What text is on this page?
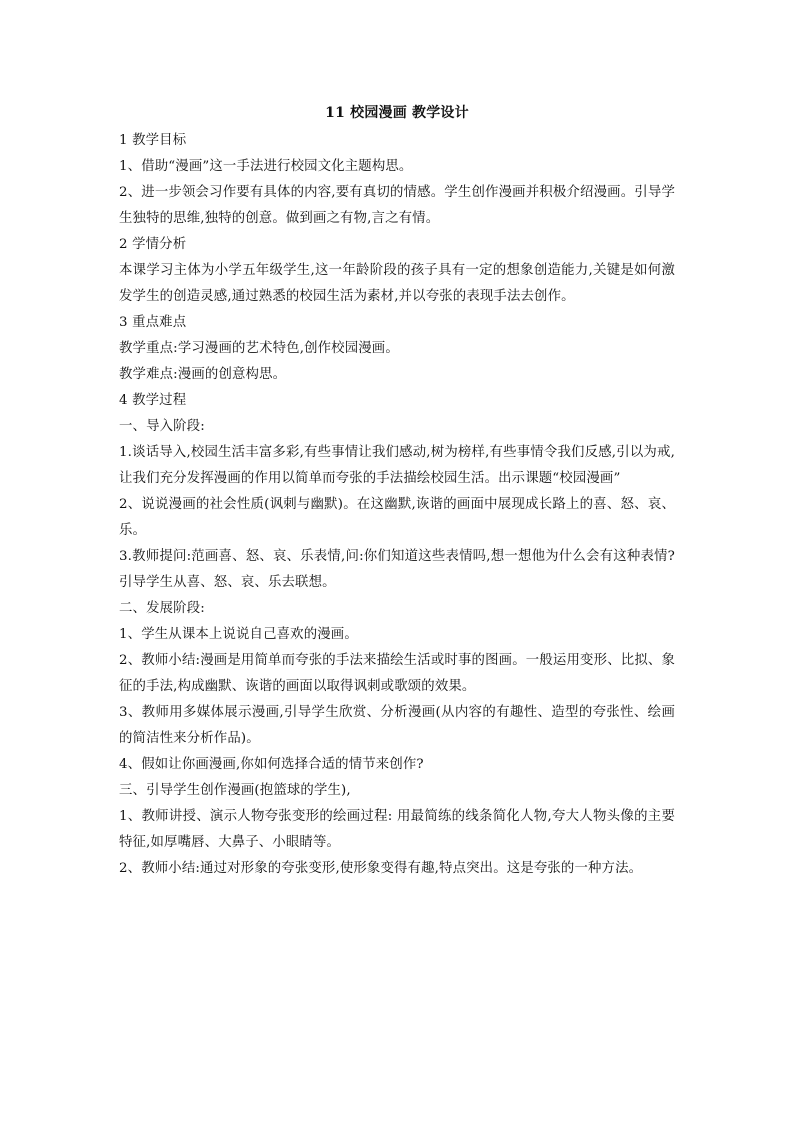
11 校园漫画 教学设计

1 教学目标

1、借助“漫画”这一手法进行校园文化主题构思。

2、进一步领会习作要有具体的内容,要有真切的情感。学生创作漫画并积极介绍漫画。引导学生独特的思维,独特的创意。做到画之有物,言之有情。

2 学情分析

本课学习主体为小学五年级学生,这一年龄阶段的孩子具有一定的想象创造能力,关键是如何激发学生的创造灵感,通过熟悉的校园生活为素材,并以夸张的表现手法去创作。

3 重点难点

教学重点:学习漫画的艺术特色,创作校园漫画。

教学难点:漫画的创意构思。

4 教学过程

一、导入阶段:

1.谈话导入,校园生活丰富多彩,有些事情让我们感动,树为榜样,有些事情令我们反感,引以为戒,让我们充分发挥漫画的作用以简单而夸张的手法描绘校园生活。出示课题“校园漫画”

2、说说漫画的社会性质(讽刺与幽默)。在这幽默,诙谐的画面中展现成长路上的喜、怒、哀、乐。

3.教师提问:范画喜、怒、哀、乐表情,问:你们知道这些表情吗,想一想他为什么会有这种表情?引导学生从喜、怒、哀、乐去联想。

二、发展阶段:

1、学生从课本上说说自己喜欢的漫画。

2、教师小结:漫画是用简单而夸张的手法来描绘生活或时事的图画。一般运用变形、比拟、象征的手法,构成幽默、诙谐的画面以取得讽刺或歌颂的效果。

3、教师用多媒体展示漫画,引导学生欣赏、分析漫画(从内容的有趣性、造型的夸张性、绘画的简洁性来分析作品)。

4、假如让你画漫画,你如何选择合适的情节来创作?

三、引导学生创作漫画(抱篮球的学生),

1、教师讲授、演示人物夸张变形的绘画过程: 用最简练的线条简化人物,夸大人物头像的主要特征,如厚嘴唇、大鼻子、小眼睛等。

2、教师小结:通过对形象的夸张变形,使形象变得有趣,特点突出。这是夸张的一种方法。
